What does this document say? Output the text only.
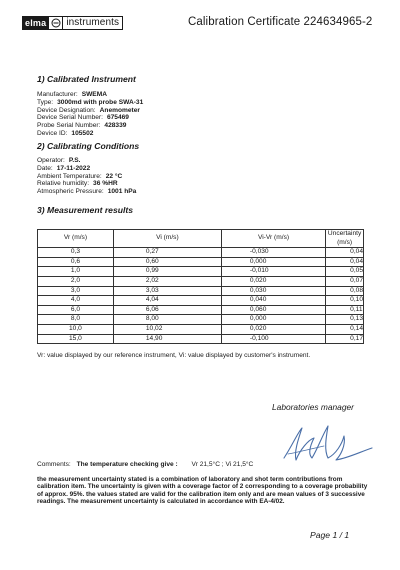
elma	instruments	Calibration Certificate 224634965-2
1) Calibrated Instrument
Manufacturer: SWEMA
Type: 3000md with probe SWA-31
Device Designation: Anemometer
Device Serial Number: 675469
Probe Serial Number: 428339
Device ID: 105502
2) Calibrating Conditions
Operator: P.S.
Date: 17-11-2022
Ambient Temperature: 22 °C
Relative humidity: 36 %HR
Atmospheric Pressure: 1001 hPa
3) Measurement results
Vr (m/s)	Vi (m/s)	Vi-Vr (m/s)	Uncertainty (m/s)
0,3	0,27	-0,030	0,04
0,6	0,60	0,000	0,04
1,0	0,99	-0,010	0,05
2,0	2,02	0,020	0,07
3,0	3,03	0,030	0,08
4,0	4,04	0,040	0,10
6,0	6,06	0,060	0,11
8,0	8,00	0,000	0,13
10,0	10,02	0,020	0,14
15,0	14,90	-0,100	0,17
Vr: value displayed by our reference instrument, Vi: value displayed by customer's instrument.
Laboratories manager
Comments: The temperature checking give : Vr 21,5°C ; Vi 21,5°C
the measurement uncertainty stated is a combination of laboratory and shot term contributions from calibration item. The uncertainty is given with a coverage factor of 2 corresponding to a coverage probability of approx. 95%. the values stated are valid for the calibration item only and are mean values of 3 successive readings. The measurement uncertainty is calculated in accordance with EA-4/02.
Page 1 / 1
